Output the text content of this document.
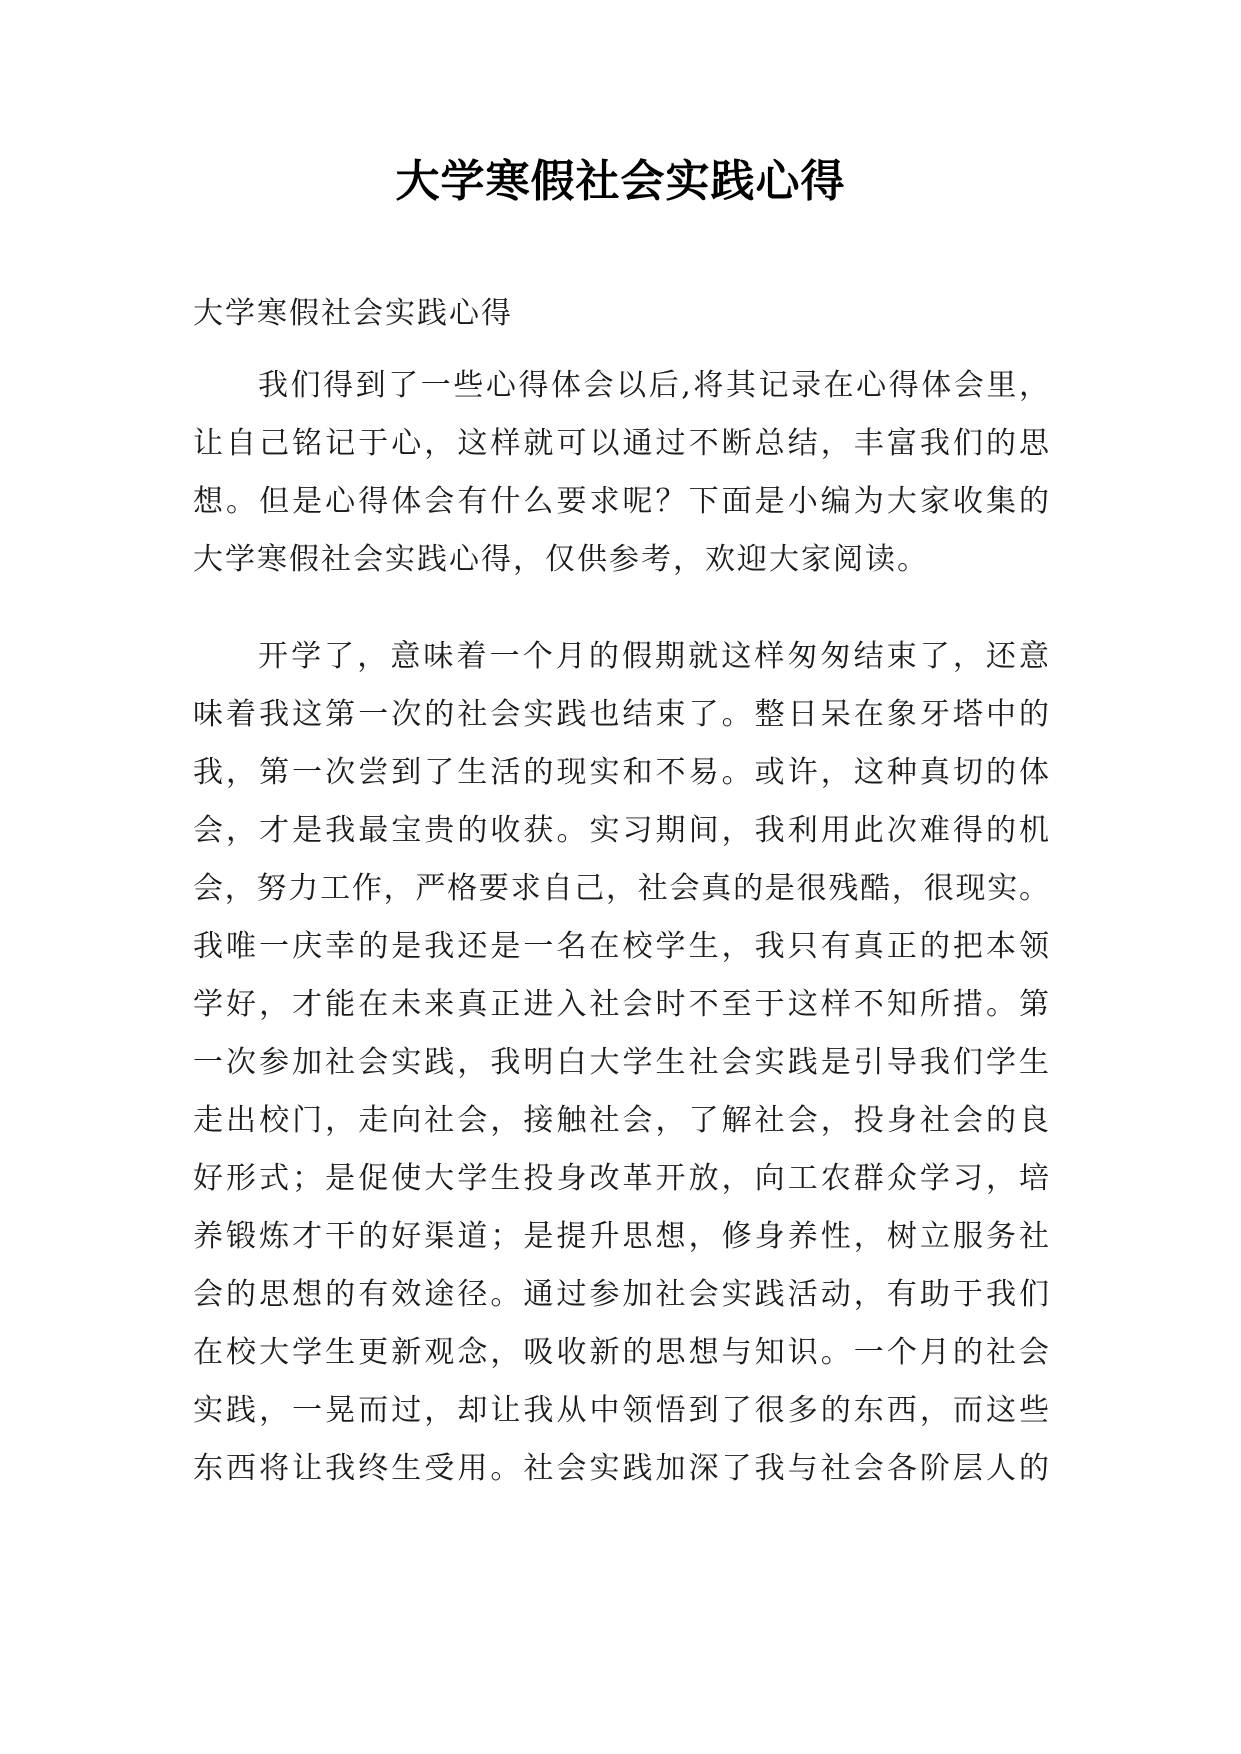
大学寒假社会实践心得
大学寒假社会实践心得
我们得到了一些心得体会以后,将其记录在心得体会里，
让自己铭记于心，这样就可以通过不断总结，丰富我们的思
想。但是心得体会有什么要求呢？下面是小编为大家收集的
大学寒假社会实践心得，仅供参考，欢迎大家阅读。
开学了，意味着一个月的假期就这样匆匆结束了，还意
味着我这第一次的社会实践也结束了。整日呆在象牙塔中的
我，第一次尝到了生活的现实和不易。或许，这种真切的体
会，才是我最宝贵的收获。实习期间，我利用此次难得的机
会，努力工作，严格要求自己，社会真的是很残酷，很现实。
我唯一庆幸的是我还是一名在校学生，我只有真正的把本领
学好，才能在未来真正进入社会时不至于这样不知所措。第
一次参加社会实践，我明白大学生社会实践是引导我们学生
走出校门，走向社会，接触社会，了解社会，投身社会的良
好形式；是促使大学生投身改革开放，向工农群众学习，培
养锻炼才干的好渠道；是提升思想，修身养性，树立服务社
会的思想的有效途径。通过参加社会实践活动，有助于我们
在校大学生更新观念，吸收新的思想与知识。一个月的社会
实践，一晃而过，却让我从中领悟到了很多的东西，而这些
东西将让我终生受用。社会实践加深了我与社会各阶层人的
